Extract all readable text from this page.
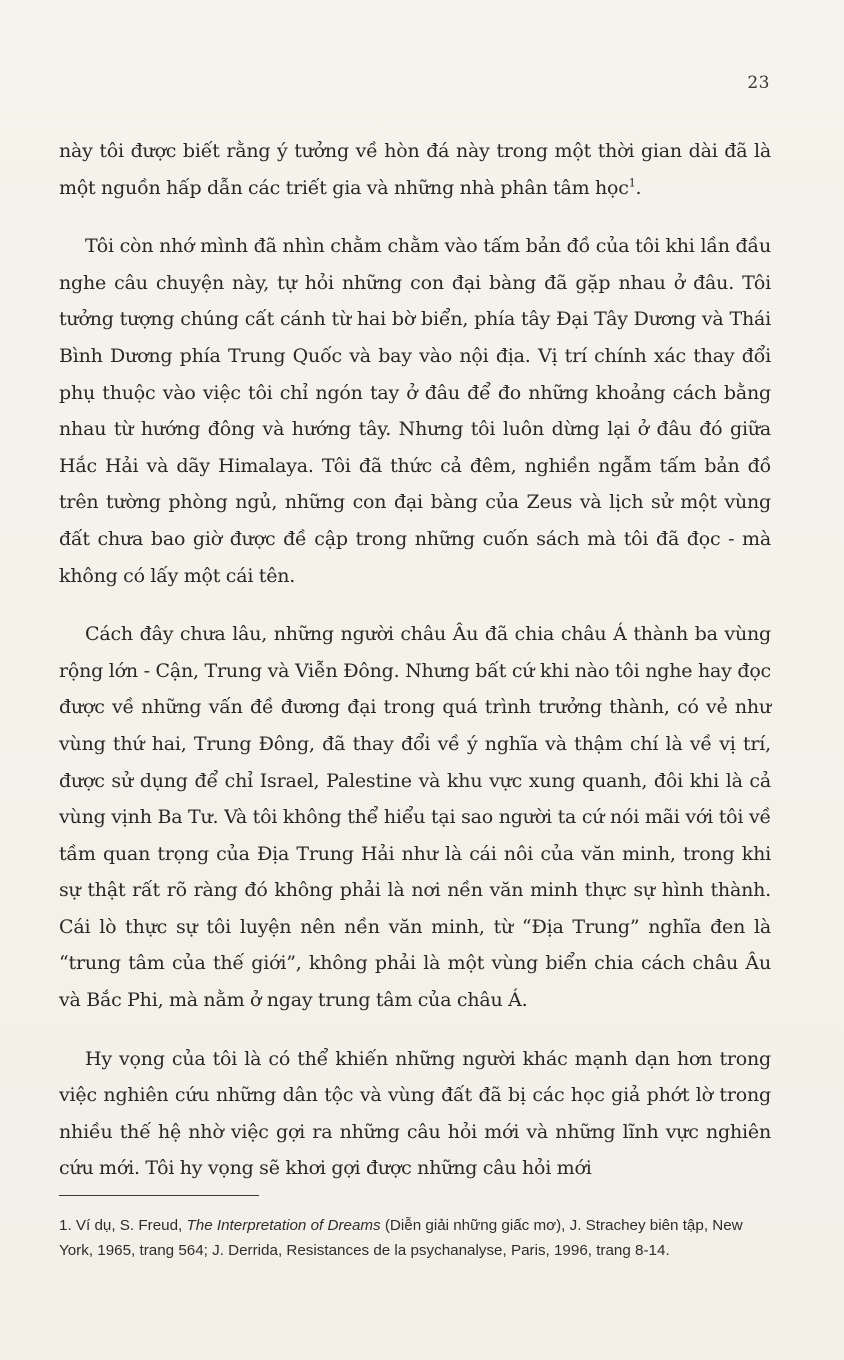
23

này tôi được biết rằng ý tưởng về hòn đá này trong một thời gian dài đã là một nguồn hấp dẫn các triết gia và những nhà phân tâm học$^1$.

Tôi còn nhớ mình đã nhìn chằm chằm vào tấm bản đồ của tôi khi lần đầu nghe câu chuyện này, tự hỏi những con đại bàng đã gặp nhau ở đâu. Tôi tưởng tượng chúng cất cánh từ hai bờ biển, phía tây Đại Tây Dương và Thái Bình Dương phía Trung Quốc và bay vào nội địa. Vị trí chính xác thay đổi phụ thuộc vào việc tôi chỉ ngón tay ở đâu để đo những khoảng cách bằng nhau từ hướng đông và hướng tây. Nhưng tôi luôn dừng lại ở đâu đó giữa Hắc Hải và dãy Himalaya. Tôi đã thức cả đêm, nghiền ngẫm tấm bản đồ trên tường phòng ngủ, những con đại bàng của Zeus và lịch sử một vùng đất chưa bao giờ được đề cập trong những cuốn sách mà tôi đã đọc - mà không có lấy một cái tên.

Cách đây chưa lâu, những người châu Âu đã chia châu Á thành ba vùng rộng lớn - Cận, Trung và Viễn Đông. Nhưng bất cứ khi nào tôi nghe hay đọc được về những vấn đề đương đại trong quá trình trưởng thành, có vẻ như vùng thứ hai, Trung Đông, đã thay đổi về ý nghĩa và thậm chí là về vị trí, được sử dụng để chỉ Israel, Palestine và khu vực xung quanh, đôi khi là cả vùng vịnh Ba Tư. Và tôi không thể hiểu tại sao người ta cứ nói mãi với tôi về tầm quan trọng của Địa Trung Hải như là cái nôi của văn minh, trong khi sự thật rất rõ ràng đó không phải là nơi nền văn minh thực sự hình thành. Cái lò thực sự tôi luyện nên nền văn minh, từ “Địa Trung” nghĩa đen là “trung tâm của thế giới”, không phải là một vùng biển chia cách châu Âu và Bắc Phi, mà nằm ở ngay trung tâm của châu Á.

Hy vọng của tôi là có thể khiến những người khác mạnh dạn hơn trong việc nghiên cứu những dân tộc và vùng đất đã bị các học giả phớt lờ trong nhiều thế hệ nhờ việc gợi ra những câu hỏi mới và những lĩnh vực nghiên cứu mới. Tôi hy vọng sẽ khơi gợi được những câu hỏi mới

1. Ví dụ, S. Freud, The Interpretation of Dreams (Diễn giải những giấc mơ), J. Strachey biên tập, New York, 1965, trang 564; J. Derrida, Resistances de la psychanalyse, Paris, 1996, trang 8-14.
